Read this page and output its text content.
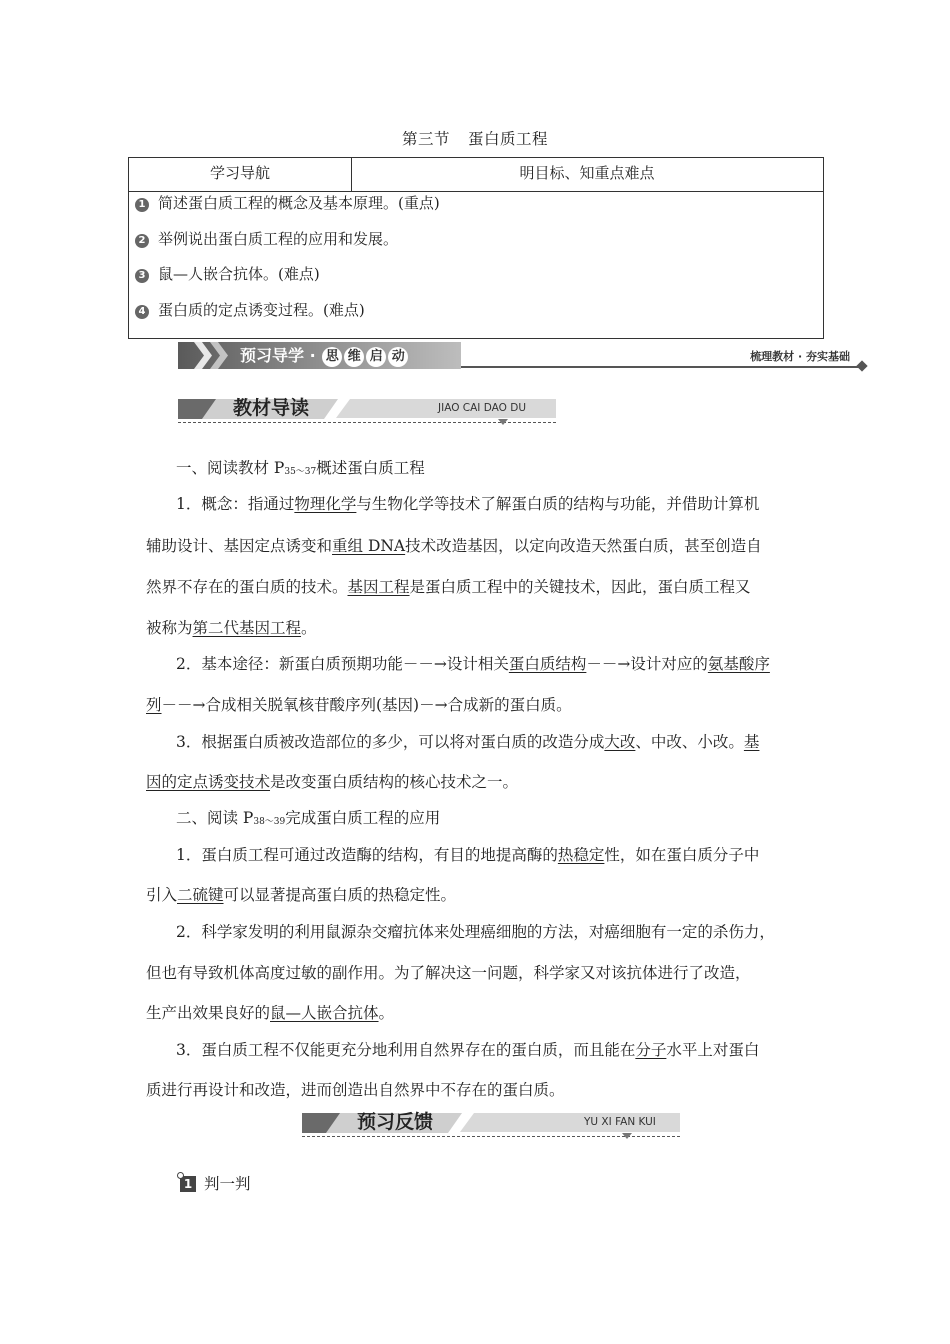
第三节 蛋白质工程
学习导航	明目标、知重点难点
1 简述蛋白质工程的概念及基本原理。(重点)
2 举例说出蛋白质工程的应用和发展。
3 鼠—人嵌合抗体。(难点)
4 蛋白质的定点诱变过程。(难点)
预习导学 · 思 维 启 动	梳理教材 · 夯实基础
教材导读	JIAO CAI DAO DU
一、阅读教材 P35～37概述蛋白质工程
1．概念：指通过物理化学与生物化学等技术了解蛋白质的结构与功能，并借助计算机
辅助设计、基因定点诱变和重组 DNA技术改造基因，以定向改造天然蛋白质，甚至创造自
然界不存在的蛋白质的技术。基因工程是蛋白质工程中的关键技术，因此，蛋白质工程又
被称为第二代基因工程。
2．基本途径：新蛋白质预期功能－－→设计相关蛋白质结构－－→设计对应的氨基酸序
列－－→合成相关脱氧核苷酸序列(基因)－→合成新的蛋白质。
3．根据蛋白质被改造部位的多少，可以将对蛋白质的改造分成大改、中改、小改。基
因的定点诱变技术是改变蛋白质结构的核心技术之一。
二、阅读 P38～39完成蛋白质工程的应用
1．蛋白质工程可通过改造酶的结构，有目的地提高酶的热稳定性，如在蛋白质分子中
引入二硫键可以显著提高蛋白质的热稳定性。
2．科学家发明的利用鼠源杂交瘤抗体来处理癌细胞的方法，对癌细胞有一定的杀伤力，
但也有导致机体高度过敏的副作用。为了解决这一问题，科学家又对该抗体进行了改造，
生产出效果良好的鼠—人嵌合抗体。
3．蛋白质工程不仅能更充分地利用自然界存在的蛋白质，而且能在分子水平上对蛋白
质进行再设计和改造，进而创造出自然界中不存在的蛋白质。
预习反馈	YU XI FAN KUI
1 判一判
